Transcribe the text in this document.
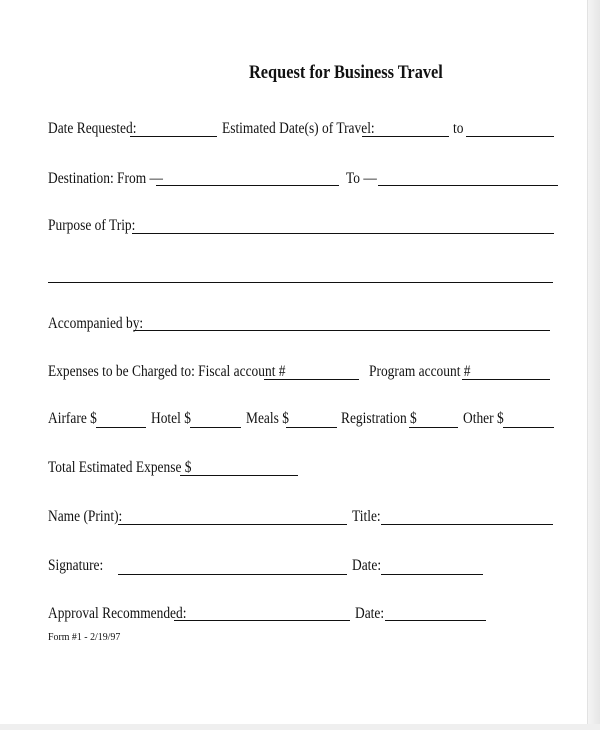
Request for Business Travel
Date Requested:	Estimated Date(s) of Travel:	to
Destination: From —	To —
Purpose of Trip:
Accompanied by:
Expenses to be Charged to: Fiscal account #	Program account #
Airfare $	Hotel $	Meals $	Registration $	Other $
Total Estimated Expense $
Name (Print):	Title:
Signature:	Date:
Approval Recommended:	Date:
Form #1 - 2/19/97
